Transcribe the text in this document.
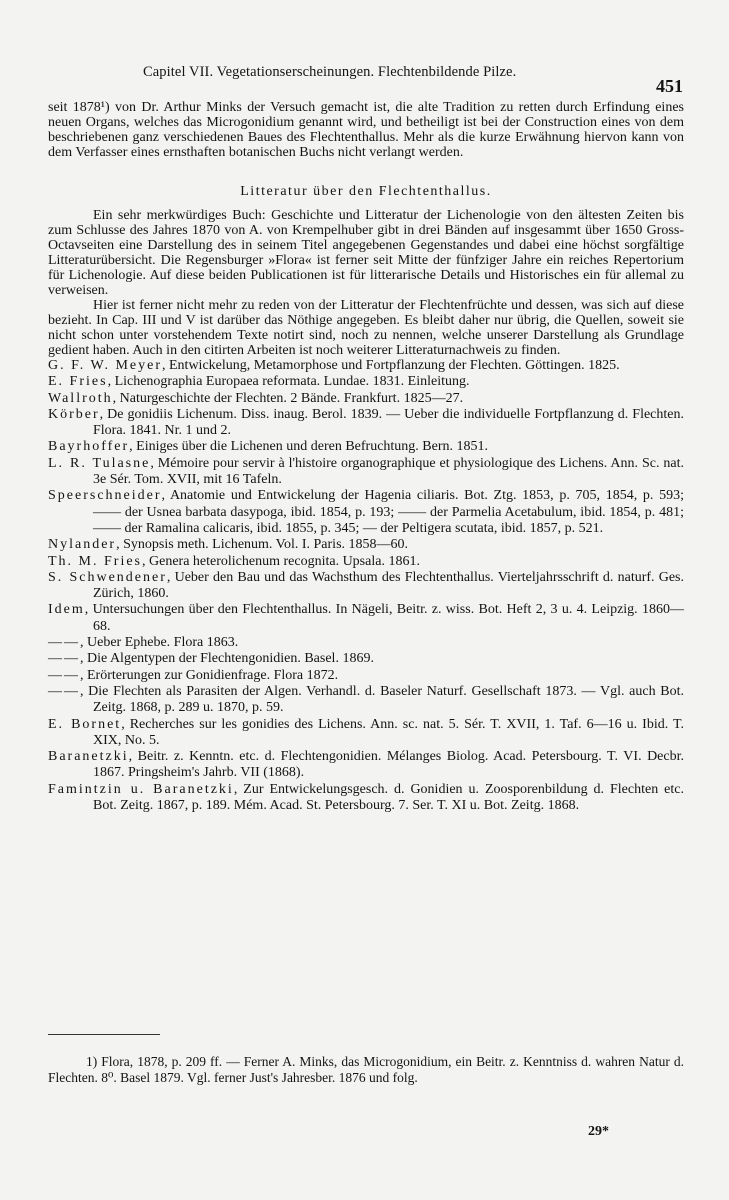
Capitel VII. Vegetationserscheinungen. Flechtenbildende Pilze.
451

seit 1878¹) von Dr. Arthur Minks der Versuch gemacht ist, die alte Tradition zu retten durch Erfindung eines neuen Organs, welches das Microgonidium genannt wird, und betheiligt ist bei der Construction eines von dem beschriebenen ganz verschiedenen Baues des Flechtenthallus. Mehr als die kurze Erwähnung hiervon kann von dem Verfasser eines ernsthaften botanischen Buchs nicht verlangt werden.

Litteratur über den Flechtenthallus.

Ein sehr merkwürdiges Buch: Geschichte und Litteratur der Lichenologie von den ältesten Zeiten bis zum Schlusse des Jahres 1870 von A. von Krempelhuber gibt in drei Bänden auf insgesammt über 1650 Gross-Octavseiten eine Darstellung des in seinem Titel angegebenen Gegenstandes und dabei eine höchst sorgfältige Litteraturübersicht. Die Regensburger »Flora« ist ferner seit Mitte der fünfziger Jahre ein reiches Repertorium für Lichenologie. Auf diese beiden Publicationen ist für litterarische Details und Historisches ein für allemal zu verweisen.

Hier ist ferner nicht mehr zu reden von der Litteratur der Flechtenfrüchte und dessen, was sich auf diese bezieht. In Cap. III und V ist darüber das Nöthige angegeben. Es bleibt daher nur übrig, die Quellen, soweit sie nicht schon unter vorstehendem Texte notirt sind, noch zu nennen, welche unserer Darstellung als Grundlage gedient haben. Auch in den citirten Arbeiten ist noch weiterer Litteraturnachweis zu finden.

G. F. W. Meyer, Entwickelung, Metamorphose und Fortpflanzung der Flechten. Göttingen. 1825.

E. Fries, Lichenographia Europaea reformata. Lundae. 1831. Einleitung.

Wallroth, Naturgeschichte der Flechten. 2 Bände. Frankfurt. 1825—27.

Körber, De gonidiis Lichenum. Diss. inaug. Berol. 1839. — Ueber die individuelle Fortpflanzung d. Flechten. Flora. 1841. Nr. 1 und 2.

Bayrhoffer, Einiges über die Lichenen und deren Befruchtung. Bern. 1851.

L. R. Tulasne, Mémoire pour servir à l'histoire organographique et physiologique des Lichens. Ann. Sc. nat. 3e Sér. Tom. XVII, mit 16 Tafeln.

Speerschneider, Anatomie und Entwickelung der Hagenia ciliaris. Bot. Ztg. 1853, p. 705, 1854, p. 593; —— der Usnea barbata dasypoga, ibid. 1854, p. 193; —— der Parmelia Acetabulum, ibid. 1854, p. 481; —— der Ramalina calicaris, ibid. 1855, p. 345; — der Peltigera scutata, ibid. 1857, p. 521.

Nylander, Synopsis meth. Lichenum. Vol. I. Paris. 1858—60.

Th. M. Fries, Genera heterolichenum recognita. Upsala. 1861.

S. Schwendener, Ueber den Bau und das Wachsthum des Flechtenthallus. Vierteljahrsschrift d. naturf. Ges. Zürich, 1860.

Idem, Untersuchungen über den Flechtenthallus. In Nägeli, Beitr. z. wiss. Bot. Heft 2, 3 u. 4. Leipzig. 1860—68.

——, Ueber Ephebe. Flora 1863.

——, Die Algentypen der Flechtengonidien. Basel. 1869.

——, Erörterungen zur Gonidienfrage. Flora 1872.

——, Die Flechten als Parasiten der Algen. Verhandl. d. Baseler Naturf. Gesellschaft 1873. — Vgl. auch Bot. Zeitg. 1868, p. 289 u. 1870, p. 59.

E. Bornet, Recherches sur les gonidies des Lichens. Ann. sc. nat. 5. Sér. T. XVII, 1. Taf. 6—16 u. Ibid. T. XIX, No. 5.

Baranetzki, Beitr. z. Kenntn. etc. d. Flechtengonidien. Mélanges Biolog. Acad. Petersbourg. T. VI. Decbr. 1867. Pringsheim's Jahrb. VII (1868).

Famintzin u. Baranetzki, Zur Entwickelungsgesch. d. Gonidien u. Zoosporenbildung d. Flechten etc. Bot. Zeitg. 1867, p. 189. Mém. Acad. St. Petersbourg. 7. Ser. T. XI u. Bot. Zeitg. 1868.

1) Flora, 1878, p. 209 ff. — Ferner A. Minks, das Microgonidium, ein Beitr. z. Kenntniss d. wahren Natur d. Flechten. 8⁰. Basel 1879. Vgl. ferner Just's Jahresber. 1876 und folg.

29*
